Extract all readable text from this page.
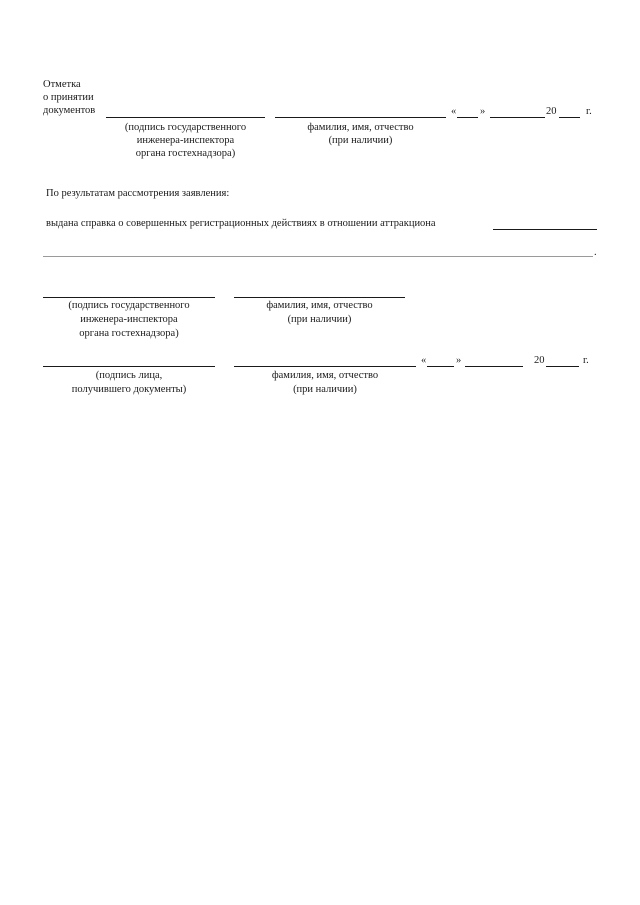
Отметка
о принятии
документов	« »	20	г.
(подпись государственного
инженера-инспектора
органа гостехнадзора)
фамилия, имя, отчество
(при наличии)
По результатам рассмотрения заявления:
выдана справка о совершенных регистрационных действиях в отношении аттракциона
.
(подпись государственного
инженера-инспектора
органа гостехнадзора)
фамилия, имя, отчество
(при наличии)
«	»	20	г.
(подпись лица,
получившего документы)
фамилия, имя, отчество
(при наличии)
